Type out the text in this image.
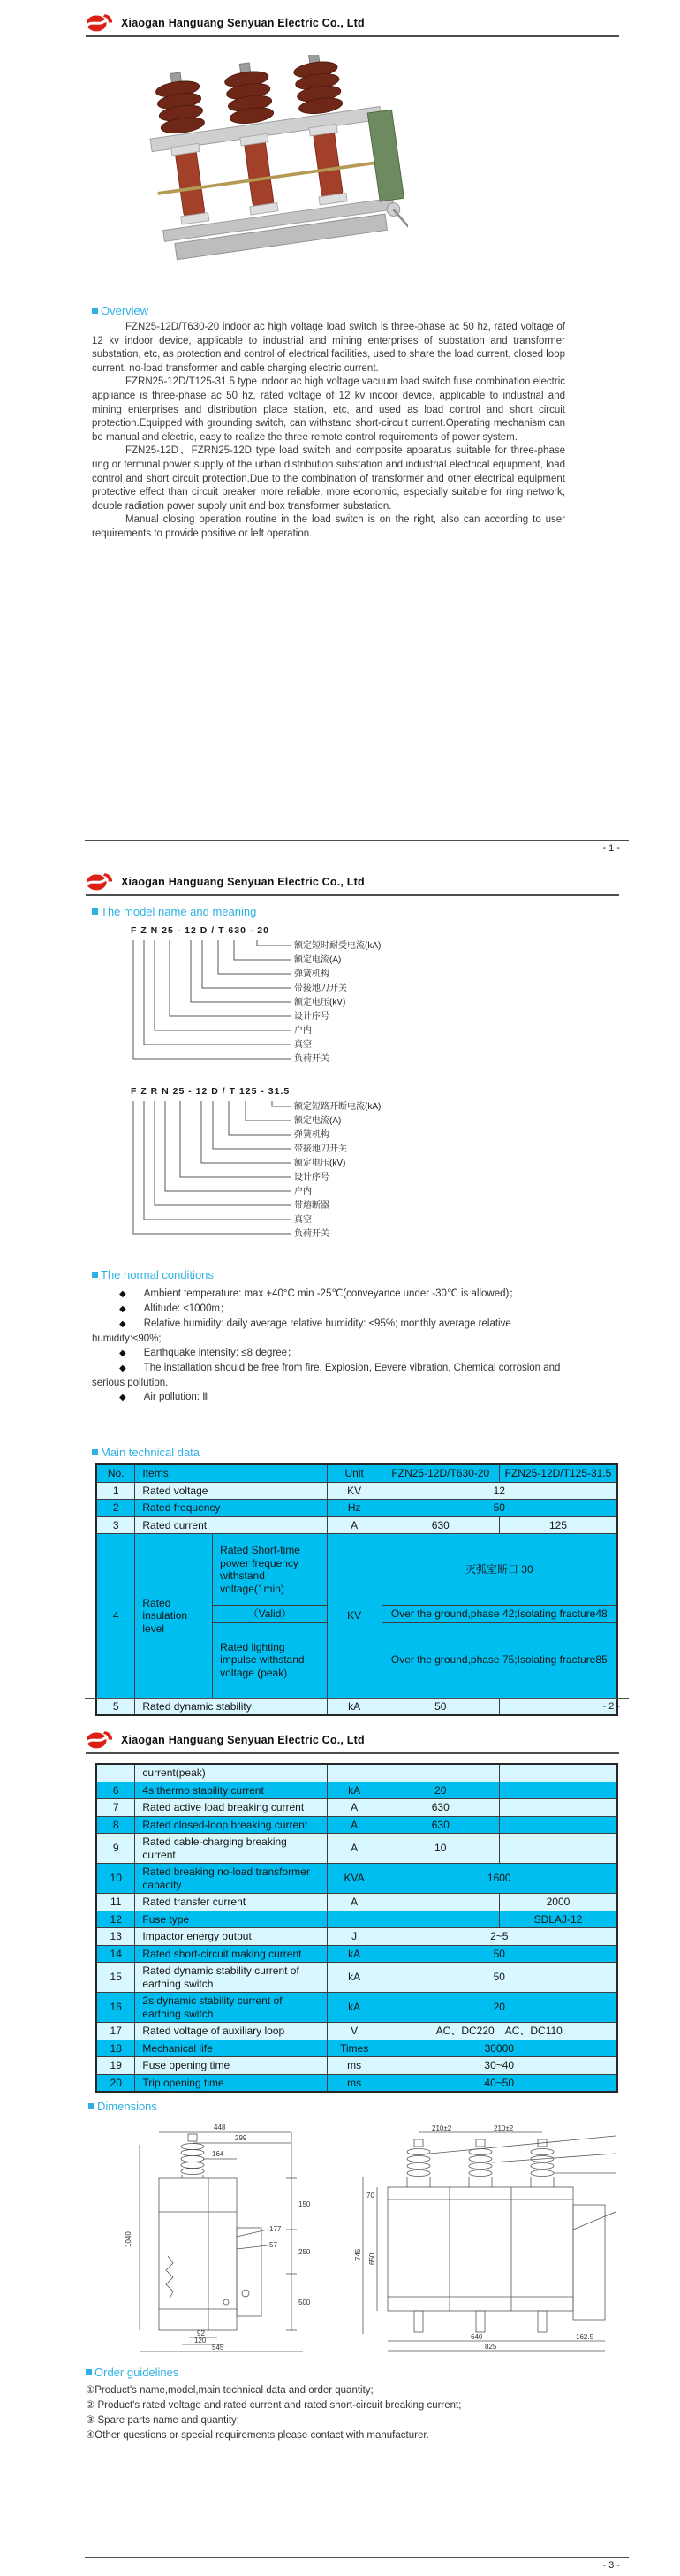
Xiaogan Hanguang Senyuan Electric Co., Ltd
Overview

FZN25-12D/T630-20 indoor ac high voltage load switch is three-phase ac 50 hz, rated voltage of 12 kv indoor device, applicable to industrial and mining enterprises of substation and transformer substation, etc, as protection and control of electrical facilities, used to share the load current, closed loop current, no-load transformer and cable charging electric current.

FZRN25-12D/T125-31.5 type indoor ac high voltage vacuum load switch fuse combination electric appliance is three-phase ac 50 hz, rated voltage of 12 kv indoor device, applicable to industrial and mining enterprises and distribution place station, etc, and used as load control and short circuit protection.Equipped with grounding switch, can withstand short-circuit current.Operating mechanism can be manual and electric, easy to realize the three remote control requirements of power system.

FZN25-12D、FZRN25-12D type load switch and composite apparatus suitable for three-phase ring or terminal power supply of the urban distribution substation and industrial electrical equipment, load control and short circuit protection.Due to the combination of transformer and other electrical equipment protective effect than circuit breaker more reliable, more economic, especially suitable for ring network, double radiation power supply unit and box transformer substation.

Manual closing operation routine in the load switch is on the right, also can according to user requirements to provide positive or left operation.

- 1 -
Xiaogan Hanguang Senyuan Electric Co., Ltd
The model name and meaning
F Z N 25 - 12 D / T 630 - 20
额定短时耐受电流(kA)
额定电流(A)
弹簧机构
带接地刀开关
额定电压(kV)
设计序号
户内
真空
负荷开关
F Z R N 25 - 12 D / T 125 - 31.5
额定短路开断电流(kA)
额定电流(A)
弹簧机构
带接地刀开关
额定电压(kV)
设计序号
户内
带熔断器
真空
负荷开关
The normal conditions
◆ Ambient temperature: max +40°C min -25℃(conveyance under -30℃ is allowed)；
◆ Altitude: ≤1000m；
◆ Relative humidity: daily average relative humidity: ≤95%; monthly average relative humidity:≤90%;
◆ Earthquake intensity: ≤8 degree；
◆ The installation should be free from fire, Explosion, Eevere vibration, Chemical corrosion and serious pollution.
◆ Air pollution: Ⅲ
Main technical data
No.	Items		Unit	FZN25-12D/T630-20	FZN25-12D/T125-31.5
1	Rated voltage		KV	12	
2	Rated frequency		Hz	50	
3	Rated current		A	630	125
4	Rated insulation level	Rated Short-time power frequency withstand voltage(1min)	KV	灭弧室断口 30	
		（Valid）		Over the ground,phase 42;Isolating fracture48	
		Rated lighting impulse withstand voltage (peak)		Over the ground,phase 75;Isolating fracture85	
5	Rated dynamic stability		kA	50		- 2 -
Xiaogan Hanguang Senyuan Electric Co., Ltd
	current(peak)			
6	4s thermo stability current	kA	20	
7	Rated active load breaking current	A	630	
8	Rated closed-loop breaking current	A	630	
9	Rated cable-charging breaking current	A	10	
10	Rated breaking no-load transformer capacity	KVA	1600	
11	Rated transfer current	A		2000
12	Fuse type			SDLAJ-12
13	Impactor energy output	J	2~5	
14	Rated short-circuit making current	kA	50	
15	Rated dynamic stability current of earthing switch	kA	50	
16	2s dynamic stability current of earthing switch	kA	20	
17	Rated voltage of auxiliary loop	V	AC、DC220　AC、DC110	
18	Mechanical life	Times	30000	
19	Fuse opening time	ms	30~40	
20	Trip opening time	ms	40~50	
Dimensions
448
299
164
1040
150
250
500
177
57
92
120
545
210±2	210±2
70
650
745
640	162.5
825
Order guidelines
①Product's name,model,main technical data and order quantity;
② Product's rated voltage and rated current and rated short-circuit breaking current;
③ Spare parts name and quantity;
④Other questions or special requirements please contact with manufacturer.
- 3 -
